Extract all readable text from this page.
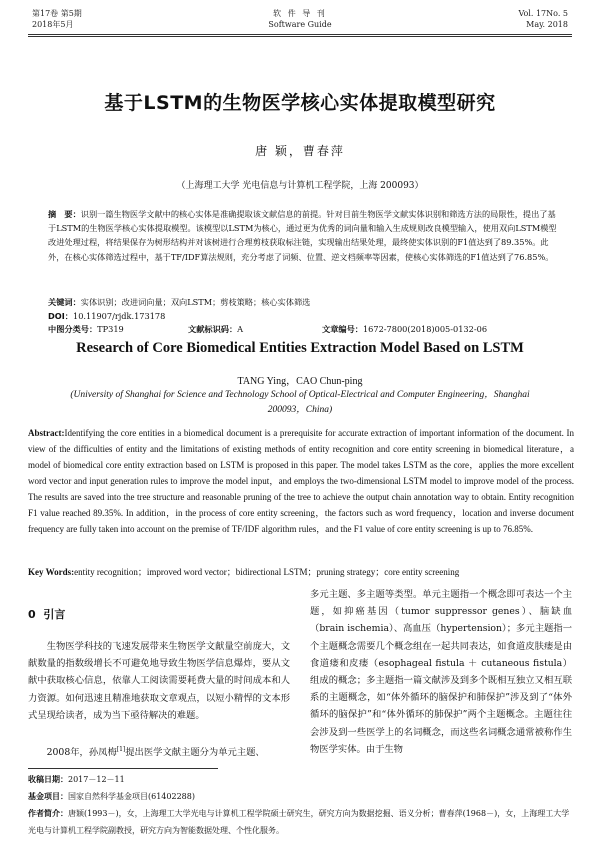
第17卷 第5期
2018年5月
软 件 导 刊
Software Guide
Vol. 17No. 5
May. 2018
基于LSTM的生物医学核心实体提取模型研究
唐 颖，曹春萍
（上海理工大学 光电信息与计算机工程学院，上海 200093）
摘　要：识别一篇生物医学文献中的核心实体是准确提取该文献信息的前提。针对目前生物医学文献实体识别和筛选方法的局限性，提出了基于LSTM的生物医学核心实体提取模型。该模型以LSTM为核心，通过更为优秀的词向量和输入生成规则改良模型输入，使用双向LSTM模型改进处理过程，将结果保存为树形结构并对该树进行合理剪枝获取标注链，实现输出结果处理，最终使实体识别的F1值达到了89.35%。此外，在核心实体筛选过程中，基于TF/IDF算法规则，充分考虑了词频、位置、逆文档频率等因素，使核心实体筛选的F1值达到了76.85%。
关键词：实体识别；改进词向量；双向LSTM；剪枝策略；核心实体筛选
DOI：10.11907/rjdk.173178
中图分类号：TP319	文献标识码：A	文章编号：1672-7800(2018)005-0132-06
Research of Core Biomedical Entities Extraction Model Based on LSTM
TANG Ying，CAO Chun-ping
(University of Shanghai for Science and Technology School of Optical-Electrical and Computer Engineering，Shanghai 200093，China)
Abstract:Identifying the core entities in a biomedical document is a prerequisite for accurate extraction of important information of the document. In view of the difficulties of entity and the limitations of existing methods of entity recognition and core entity screening in biomedical literature，a model of biomedical core entity extraction based on LSTM is proposed in this paper. The model takes LSTM as the core，applies the more excellent word vector and input generation rules to improve the model input，and employs the two-dimensional LSTM model to improve model of the process. The results are saved into the tree structure and reasonable pruning of the tree to achieve the output chain annotation way to obtain. Entity recognition F1 value reached 89.35%. In addition，in the process of core entity screening，the factors such as word frequency，location and inverse document frequency are fully taken into account on the premise of TF/IDF algorithm rules，and the F1 value of core entity screening is up to 76.85%.
Key Words:entity recognition；improved word vector；bidirectional LSTM；pruning strategy；core entity screening
0 引言
生物医学科技的飞速发展带来生物医学文献量空前庞大，文献数量的指数级增长不可避免地导致生物医学信息爆炸，要从文献中获取核心信息，依靠人工阅读需要耗费大量的时间成本和人力资源。如何迅速且精准地获取文章观点，以短小精悍的文本形式呈现给读者，成为当下亟待解决的难题。
2008年，孙凤梅[1]提出医学文献主题分为单元主题、
多元主题、多主题等类型。单元主题指一个概念即可表达一个主题，如抑癌基因（tumor suppressor genes）、脑缺血（brain ischemia）、高血压（hypertension）；多元主题指一个主题概念需要几个概念组在一起共同表达，如食道皮肤瘘是由食道瘘和皮瘘（esophageal fistula ＋ cutaneous fistula）组成的概念；多主题指一篇文献涉及到多个既相互独立又相互联系的主题概念，如“体外循环的脑保护和肺保护”涉及到了“体外循环的脑保护”和“体外循环的肺保护”两个主题概念。主题往往会涉及到一些医学上的名词概念，而这些名词概念通常被称作生物医学实体。由于生物
收稿日期：2017－12－11
基金项目：国家自然科学基金项目(61402288)
作者简介：唐颖(1993－)，女，上海理工大学光电与计算机工程学院硕士研究生，研究方向为数据挖掘、语义分析；曹春萍(1968－)，女，上海理工大学光电与计算机工程学院副教授，研究方向为智能数据处理、个性化服务。
